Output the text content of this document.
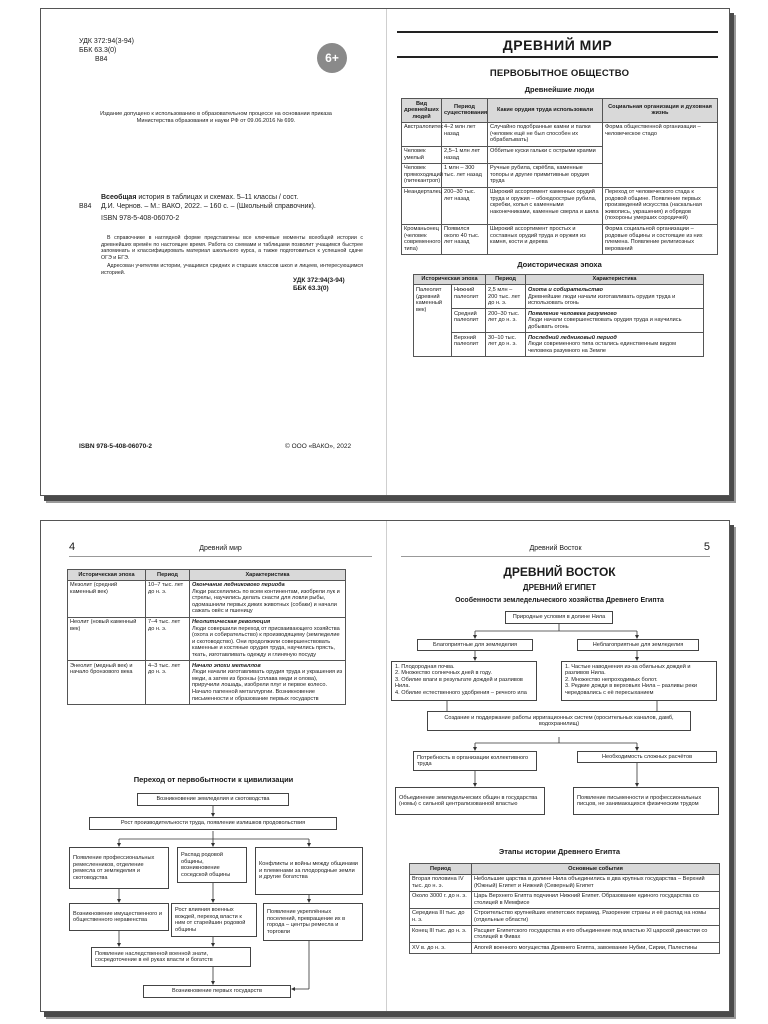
УДК 372:94(3-94)
ББК 63.3(0)
В84	6+
Издание допущено к использованию в образовательном процессе на основании приказа Министерства образования и науки РФ от 09.06.2016 № 699.
Всеобщая история в таблицах и схемах. 5–11 классы / сост.
В84 Д.И. Чернов. – М.: ВАКО, 2022. – 160 с. – (Школьный справочник).
ISBN 978-5-408-06070-2

В справочнике в наглядной форме представлены все ключевые моменты всеобщей истории с древнейших времён по настоящее время. Работа со схемами и таблицами позволит учащимся быстрее запоминать и классифицировать материал школьного курса, а также подготовиться к успешной сдаче ОГЭ и ЕГЭ.

Адресован учителям истории, учащимся средних и старших классов школ и лицеев, интересующимся историей.

УДК 372:94(3-94)
ББК 63.3(0)
ISBN 978-5-408-06070-2	© ООО «ВАКО», 2022
ДРЕВНИЙ МИР
ПЕРВОБЫТНОЕ ОБЩЕСТВО
Древнейшие люди
Вид древнейших людей	Период существования	Какие орудия труда использовали	Социальная организация и духовная жизнь
Австралопитек	4–2 млн лет назад	Случайно подобранные камни и палки (человек ещё не был способен их обрабатывать)	Форма общественной организации – человеческое стадо
Человек умелый	2,5–1 млн лет назад	Оббитые куски гальки с острыми краями	
Человек прямоходящий (питекантроп)	1 млн – 300 тыс. лет назад	Ручные рубила, скрёбла, каменные топоры и другие примитивные орудия труда	
Неандерталец	200–30 тыс. лет назад	Широкий ассортимент каменных орудий труда и оружия – обоюдоострые рубила, скребки, копья с каменными наконечниками, каменные сверла и шила	Переход от человеческого стада к родовой общине. Появление первых произведений искусства (наскальная живопись, украшения) и обрядов (похороны умерших сородичей)
Кроманьонец (человек современного типа)	Появился около 40 тыс. лет назад	Широкий ассортимент простых и составных орудий труда и оружия из камня, кости и дерева	Форма социальной организации – родовые общины и состоящие из них племена. Появление религиозных верований
Доисторическая эпоха
Историческая эпоха		Период	Характеристика
Палеолит (древний каменный век)	Нижний палеолит	2,5 млн – 200 тыс. лет до н. э.	Охота и собирательство
Древнейшие люди начали изготавливать орудия труда и использовать огонь
	Средний палеолит	200–30 тыс. лет до н. э.	Появление человека разумного
Люди начали совершенствовать орудия труда и научились добывать огонь
	Верхний палеолит	30–10 тыс. лет до н. э.	Последний ледниковый период
Люди современного типа остались единственным видом человека разумного на Земле
4	Древний мир
Историческая эпоха	Период	Характеристика
Мезолит (средний каменный век)	10–7 тыс. лет до н. э.	Окончание ледникового периода
Люди расселились по всем континентам, изобрели лук и стрелы, научились делать снасти для ловли рыбы, одомашнили первых диких животных (собаки) и начали сажать овёс и пшеницу
Неолит (новый каменный век)	7–4 тыс. лет до н. э.	Неолитическая революция
Люди совершили переход от присваивающего хозяйства (охота и собирательство) к производящему (земледелие и скотоводство). Они продолжили совершенствовать каменные и костяные орудия труда, научились прясть, ткать, изготавливать одежду и глиняную посуду
Энеолит (медный век) и начало бронзового века	4–3 тыс. лет до н. э.	Начало эпохи металлов
Люди начали изготавливать орудия труда и украшения из меди, а затем из бронзы (сплава меди и олова), приручили лошадь, изобрели плуг и первое колесо. Начало папенной металлургии. Возникновение письменности и образование первых государств
Переход от первобытности к цивилизации
Возникновение земледелия и скотоводства
Рост производительности труда, появление излишков продовольствия
Появление профессиональных ремесленников, отделение ремесла от земледелия и скотоводства
Распад родовой общины, возникновение соседской общины
Конфликты и войны между общинами и племенами за плодородные земли и другие богатства
Возникновение имущественного и общественного неравенства
Рост влияния военных вождей, переход власти к ним от старейшин родовой общины
Появление укреплённых поселений, превращение их в города – центры ремесла и торговли
Появление наследственной военной знати, сосредоточение в её руках власти и богатств
Возникновение первых государств
Древний Восток	5
ДРЕВНИЙ ВОСТОК
ДРЕВНИЙ ЕГИПЕТ
Особенности земледельческого хозяйства Древнего Египта
Природные условия в долине Нила
Благоприятные для земледелия	Неблагоприятные для земледелия
1. Плодородная почва.
2. Множество солнечных дней в году.
3. Обилие влаги в результате дождей и разливов Нила.
4. Обилие естественного удобрения – речного ила
1. Частые наводнения из-за обильных дождей и разливов Нила.
2. Множество непроходимых болот.
3. Редкие дожди в верховьях Нила – разливы реки чередовались с её пересыханием
Создание и поддержание работы ирригационных систем (оросительных каналов, дамб, водохранилищ)
Потребность в организации коллективного труда
Необходимость сложных расчётов
Объединение земледельческих общин в государства (номы) с сильной централизованной властью
Появление письменности и профессиональных писцов, не занимающихся физическим трудом
Этапы истории Древнего Египта
Период	Основные события
Вторая половина IV тыс. до н. э.	Небольшие царства в долине Нила объединились в два крупных государства – Верхний (Южный) Египет и Нижний (Северный) Египет
Около 3000 г. до н. э.	Царь Верхнего Египта подчинил Нижний Египет. Образование единого государства со столицей в Мемфисе
Середина III тыс. до н. э.	Строительство крупнейших египетских пирамид. Разорение страны и её распад на номы (отдельные области)
Конец III тыс. до н. э.	Расцвет Египетского государства и его объединение под властью XI царской династии со столицей в Фивах
XV в. до н. э.	Апогей военного могущества Древнего Египта, завоевание Нубии, Сирии, Палестины
